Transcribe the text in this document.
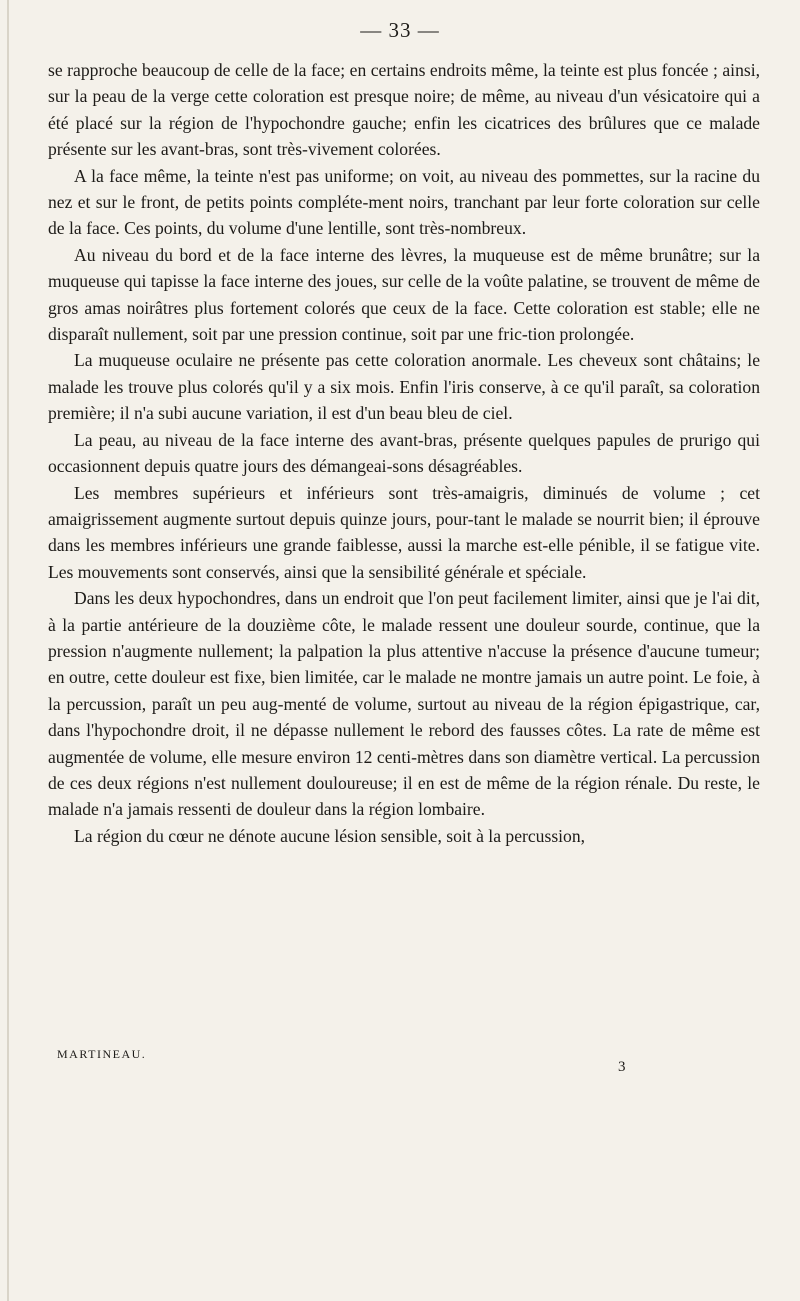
— 33 —

se rapproche beaucoup de celle de la face; en certains endroits même, la teinte est plus foncée ; ainsi, sur la peau de la verge cette coloration est presque noire; de même, au niveau d'un vésicatoire qui a été placé sur la région de l'hypochondre gauche; enfin les cicatrices des brûlures que ce malade présente sur les avant-bras, sont très-vivement colorées.

A la face même, la teinte n'est pas uniforme; on voit, au niveau des pommettes, sur la racine du nez et sur le front, de petits points compléte-ment noirs, tranchant par leur forte coloration sur celle de la face. Ces points, du volume d'une lentille, sont très-nombreux.

Au niveau du bord et de la face interne des lèvres, la muqueuse est de même brunâtre; sur la muqueuse qui tapisse la face interne des joues, sur celle de la voûte palatine, se trouvent de même de gros amas noirâtres plus fortement colorés que ceux de la face. Cette coloration est stable; elle ne disparaît nullement, soit par une pression continue, soit par une fric-tion prolongée.

La muqueuse oculaire ne présente pas cette coloration anormale. Les cheveux sont châtains; le malade les trouve plus colorés qu'il y a six mois. Enfin l'iris conserve, à ce qu'il paraît, sa coloration première; il n'a subi aucune variation, il est d'un beau bleu de ciel.

La peau, au niveau de la face interne des avant-bras, présente quelques papules de prurigo qui occasionnent depuis quatre jours des démangeai-sons désagréables.

Les membres supérieurs et inférieurs sont très-amaigris, diminués de volume ; cet amaigrissement augmente surtout depuis quinze jours, pour-tant le malade se nourrit bien; il éprouve dans les membres inférieurs une grande faiblesse, aussi la marche est-elle pénible, il se fatigue vite. Les mouvements sont conservés, ainsi que la sensibilité générale et spéciale.

Dans les deux hypochondres, dans un endroit que l'on peut facilement limiter, ainsi que je l'ai dit, à la partie antérieure de la douzième côte, le malade ressent une douleur sourde, continue, que la pression n'augmente nullement; la palpation la plus attentive n'accuse la présence d'aucune tumeur; en outre, cette douleur est fixe, bien limitée, car le malade ne montre jamais un autre point. Le foie, à la percussion, paraît un peu aug-menté de volume, surtout au niveau de la région épigastrique, car, dans l'hypochondre droit, il ne dépasse nullement le rebord des fausses côtes. La rate de même est augmentée de volume, elle mesure environ 12 centi-mètres dans son diamètre vertical. La percussion de ces deux régions n'est nullement douloureuse; il en est de même de la région rénale. Du reste, le malade n'a jamais ressenti de douleur dans la région lombaire.

La région du cœur ne dénote aucune lésion sensible, soit à la percussion,

MARTINEAU.
3
